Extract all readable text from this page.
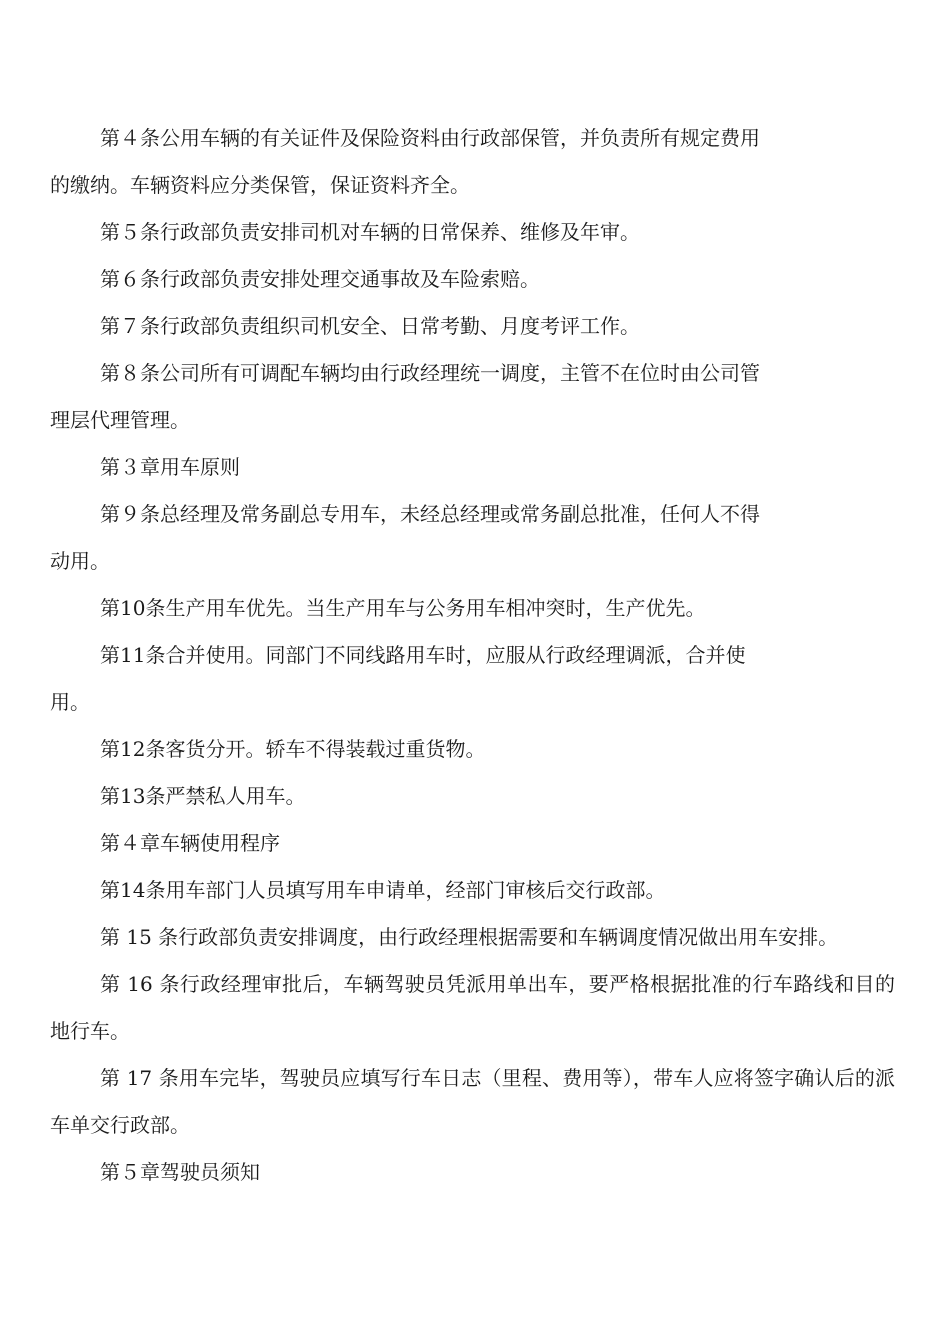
第４条公用车辆的有关证件及保险资料由行政部保管，并负责所有规定费用
的缴纳。车辆资料应分类保管，保证资料齐全。

第５条行政部负责安排司机对车辆的日常保养、维修及年审。

第６条行政部负责安排处理交通事故及车险索赔。

第７条行政部负责组织司机安全、日常考勤、月度考评工作。

第８条公司所有可调配车辆均由行政经理统一调度，主管不在位时由公司管
理层代理管理。

第３章用车原则

第９条总经理及常务副总专用车，未经总经理或常务副总批准，任何人不得
动用。

第10条生产用车优先。当生产用车与公务用车相冲突时，生产优先。

第11条合并使用。同部门不同线路用车时，应服从行政经理调派，合并使
用。

第12条客货分开。轿车不得装载过重货物。

第13条严禁私人用车。

第４章车辆使用程序

第14条用车部门人员填写用车申请单，经部门审核后交行政部。

第 15 条行政部负责安排调度，由行政经理根据需要和车辆调度情况做出用车安排。

第 16 条行政经理审批后，车辆驾驶员凭派用单出车，要严格根据批准的行车路线和目的地行车。

第 17 条用车完毕，驾驶员应填写行车日志（里程、费用等），带车人应将签字确认后的派车单交行政部。

第５章驾驶员须知
